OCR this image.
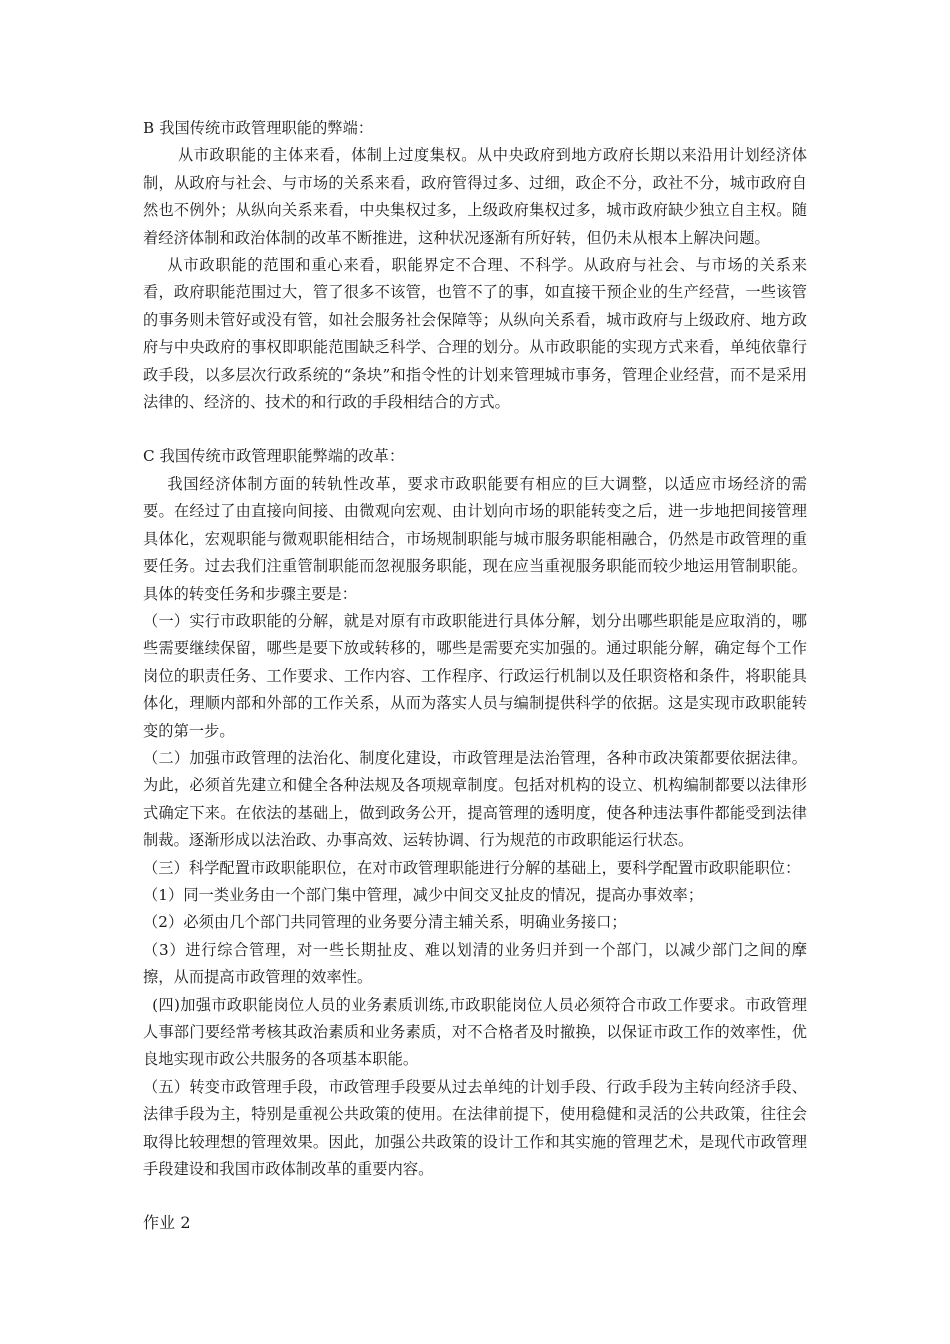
B 我国传统市政管理职能的弊端：

从市政职能的主体来看，体制上过度集权。从中央政府到地方政府长期以来沿用计划经济体制，从政府与社会、与市场的关系来看，政府管得过多、过细，政企不分，政社不分，城市政府自然也不例外；从纵向关系来看，中央集权过多，上级政府集权过多，城市政府缺少独立自主权。随着经济体制和政治体制的改革不断推进，这种状况逐渐有所好转，但仍未从根本上解决问题。

从市政职能的范围和重心来看，职能界定不合理、不科学。从政府与社会、与市场的关系来看，政府职能范围过大，管了很多不该管，也管不了的事，如直接干预企业的生产经营，一些该管的事务则未管好或没有管，如社会服务社会保障等；从纵向关系看，城市政府与上级政府、地方政府与中央政府的事权即职能范围缺乏科学、合理的划分。从市政职能的实现方式来看，单纯依靠行政手段，以多层次行政系统的“条块”和指令性的计划来管理城市事务，管理企业经营，而不是采用法律的、经济的、技术的和行政的手段相结合的方式。

C 我国传统市政管理职能弊端的改革：

我国经济体制方面的转轨性改革，要求市政职能要有相应的巨大调整，以适应市场经济的需要。在经过了由直接向间接、由微观向宏观、由计划向市场的职能转变之后，进一步地把间接管理具体化，宏观职能与微观职能相结合，市场规制职能与城市服务职能相融合，仍然是市政管理的重要任务。过去我们注重管制职能而忽视服务职能，现在应当重视服务职能而较少地运用管制职能。具体的转变任务和步骤主要是：

（一）实行市政职能的分解，就是对原有市政职能进行具体分解，划分出哪些职能是应取消的，哪些需要继续保留，哪些是要下放或转移的，哪些是需要充实加强的。通过职能分解，确定每个工作岗位的职责任务、工作要求、工作内容、工作程序、行政运行机制以及任职资格和条件，将职能具体化，理顺内部和外部的工作关系，从而为落实人员与编制提供科学的依据。这是实现市政职能转变的第一步。

（二）加强市政管理的法治化、制度化建设，市政管理是法治管理，各种市政决策都要依据法律。为此，必须首先建立和健全各种法规及各项规章制度。包括对机构的设立、机构编制都要以法律形式确定下来。在依法的基础上，做到政务公开，提高管理的透明度，使各种违法事件都能受到法律制裁。逐渐形成以法治政、办事高效、运转协调、行为规范的市政职能运行状态。

（三）科学配置市政职能职位，在对市政管理职能进行分解的基础上，要科学配置市政职能职位：

（1）同一类业务由一个部门集中管理，减少中间交叉扯皮的情况，提高办事效率；

（2）必须由几个部门共同管理的业务要分清主辅关系，明确业务接口；

（3）进行综合管理，对一些长期扯皮、难以划清的业务归并到一个部门，以减少部门之间的摩擦，从而提高市政管理的效率性。

(四)加强市政职能岗位人员的业务素质训练,市政职能岗位人员必须符合市政工作要求。市政管理人事部门要经常考核其政治素质和业务素质，对不合格者及时撤换，以保证市政工作的效率性，优良地实现市政公共服务的各项基本职能。

（五）转变市政管理手段，市政管理手段要从过去单纯的计划手段、行政手段为主转向经济手段、法律手段为主，特别是重视公共政策的使用。在法律前提下，使用稳健和灵活的公共政策，往往会取得比较理想的管理效果。因此，加强公共政策的设计工作和其实施的管理艺术，是现代市政管理手段建设和我国市政体制改革的重要内容。

作业 2
